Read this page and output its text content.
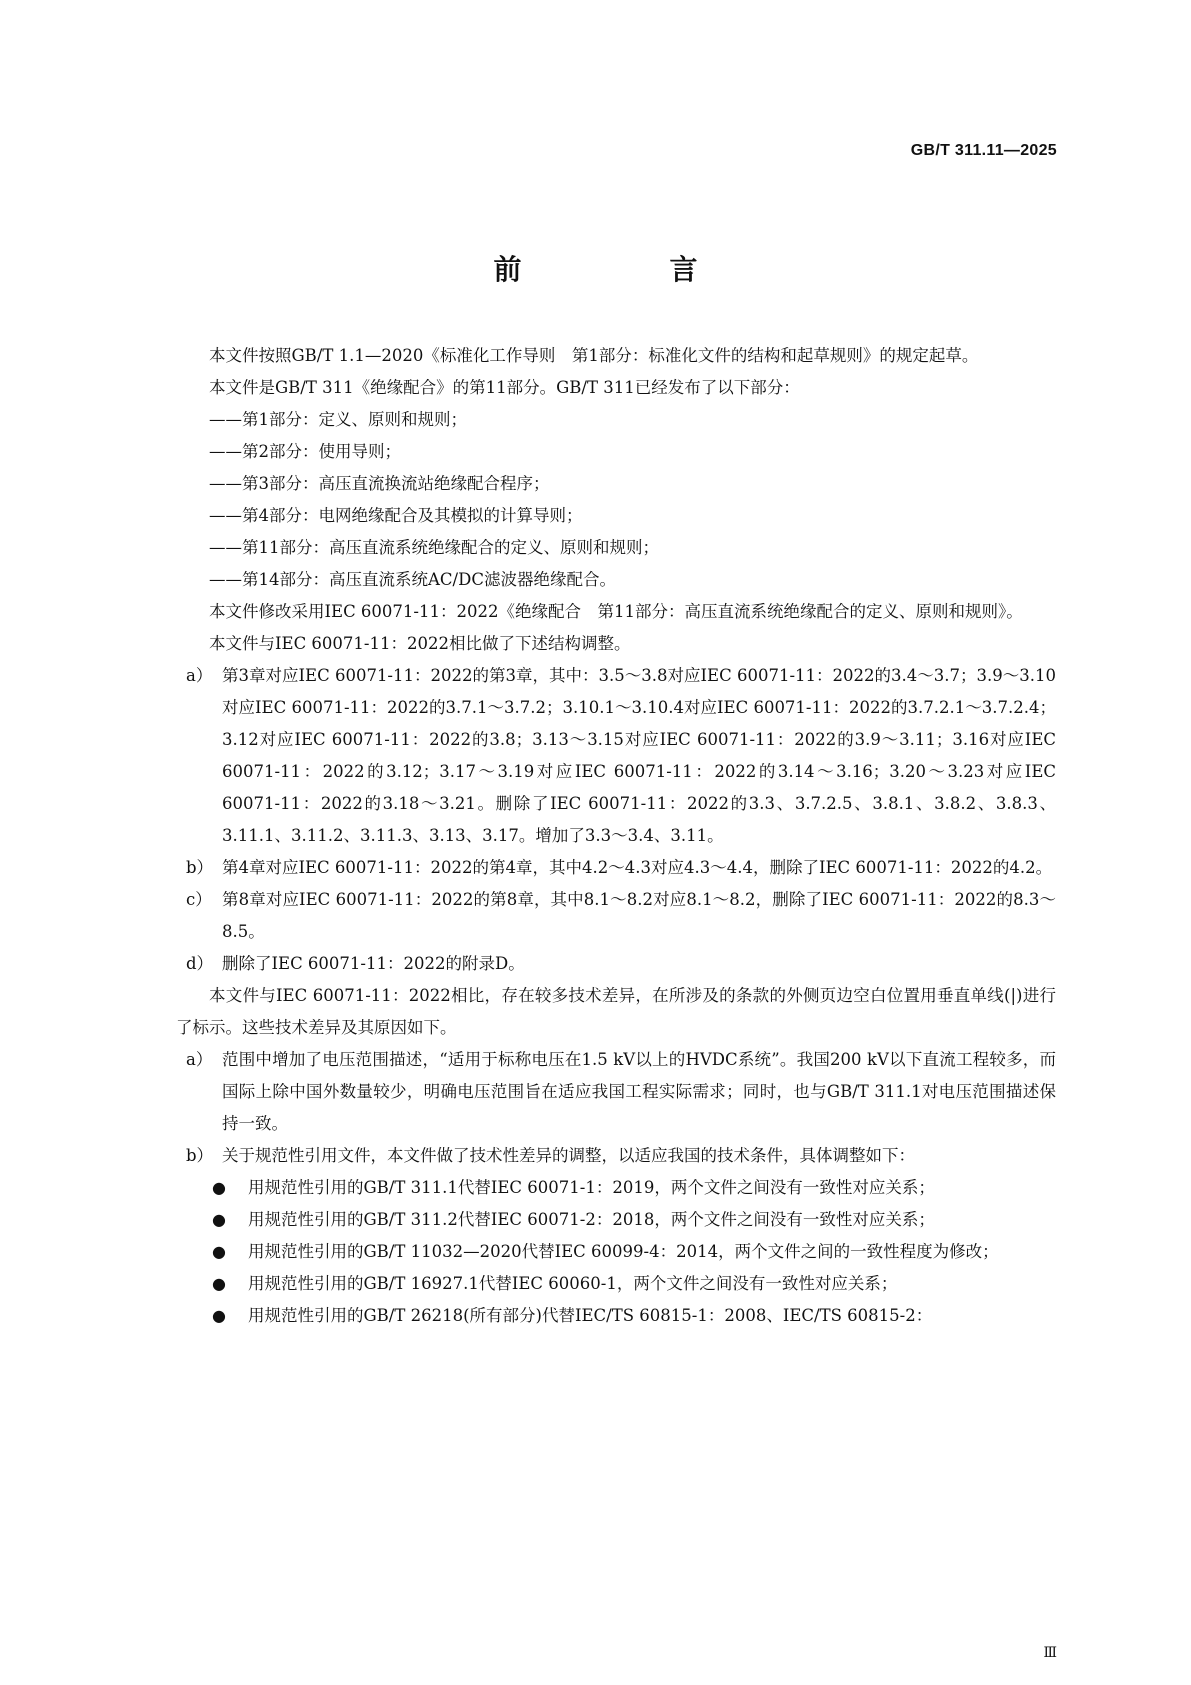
GB/T 311.11—2025
前　言

本文件按照GB/T 1.1—2020《标准化工作导则　第1部分：标准化文件的结构和起草规则》的规定起草。

本文件是GB/T 311《绝缘配合》的第11部分。GB/T 311已经发布了以下部分：

——第1部分：定义、原则和规则；

——第2部分：使用导则；

——第3部分：高压直流换流站绝缘配合程序；

——第4部分：电网绝缘配合及其模拟的计算导则；

——第11部分：高压直流系统绝缘配合的定义、原则和规则；

——第14部分：高压直流系统AC/DC滤波器绝缘配合。

本文件修改采用IEC 60071-11：2022《绝缘配合　第11部分：高压直流系统绝缘配合的定义、原则和规则》。

本文件与IEC 60071-11：2022相比做了下述结构调整。

a） 第3章对应IEC 60071-11：2022的第3章，其中：3.5～3.8对应IEC 60071-11：2022的3.4～3.7；3.9～3.10对应IEC 60071-11：2022的3.7.1～3.7.2；3.10.1～3.10.4对应IEC 60071-11：2022的3.7.2.1～3.7.2.4；3.12对应IEC 60071-11：2022的3.8；3.13～3.15对应IEC 60071-11：2022的3.9～3.11；3.16对应IEC 60071-11：2022的3.12；3.17～3.19对应IEC 60071-11：2022的3.14～3.16；3.20～3.23对应IEC 60071-11：2022的3.18～3.21。删除了IEC 60071-11：2022的3.3、3.7.2.5、3.8.1、3.8.2、3.8.3、3.11.1、3.11.2、3.11.3、3.13、3.17。增加了3.3～3.4、3.11。
b） 第4章对应IEC 60071-11：2022的第4章，其中4.2～4.3对应4.3～4.4，删除了IEC 60071-11：2022的4.2。
c） 第8章对应IEC 60071-11：2022的第8章，其中8.1～8.2对应8.1～8.2，删除了IEC 60071-11：2022的8.3～8.5。
d） 删除了IEC 60071-11：2022的附录D。

本文件与IEC 60071-11：2022相比，存在较多技术差异，在所涉及的条款的外侧页边空白位置用垂直单线(|)进行了标示。这些技术差异及其原因如下。

a） 范围中增加了电压范围描述，“适用于标称电压在1.5 kV以上的HVDC系统”。我国200 kV以下直流工程较多，而国际上除中国外数量较少，明确电压范围旨在适应我国工程实际需求；同时，也与GB/T 311.1对电压范围描述保持一致。
b） 关于规范性引用文件，本文件做了技术性差异的调整，以适应我国的技术条件，具体调整如下：
●	用规范性引用的GB/T 311.1代替IEC 60071-1：2019，两个文件之间没有一致性对应关系；
●	用规范性引用的GB/T 311.2代替IEC 60071-2：2018，两个文件之间没有一致性对应关系；
●	用规范性引用的GB/T 11032—2020代替IEC 60099-4：2014，两个文件之间的一致性程度为修改；
●	用规范性引用的GB/T 16927.1代替IEC 60060-1，两个文件之间没有一致性对应关系；
●	用规范性引用的GB/T 26218(所有部分)代替IEC/TS 60815-1：2008、IEC/TS 60815-2：
Ⅲ
